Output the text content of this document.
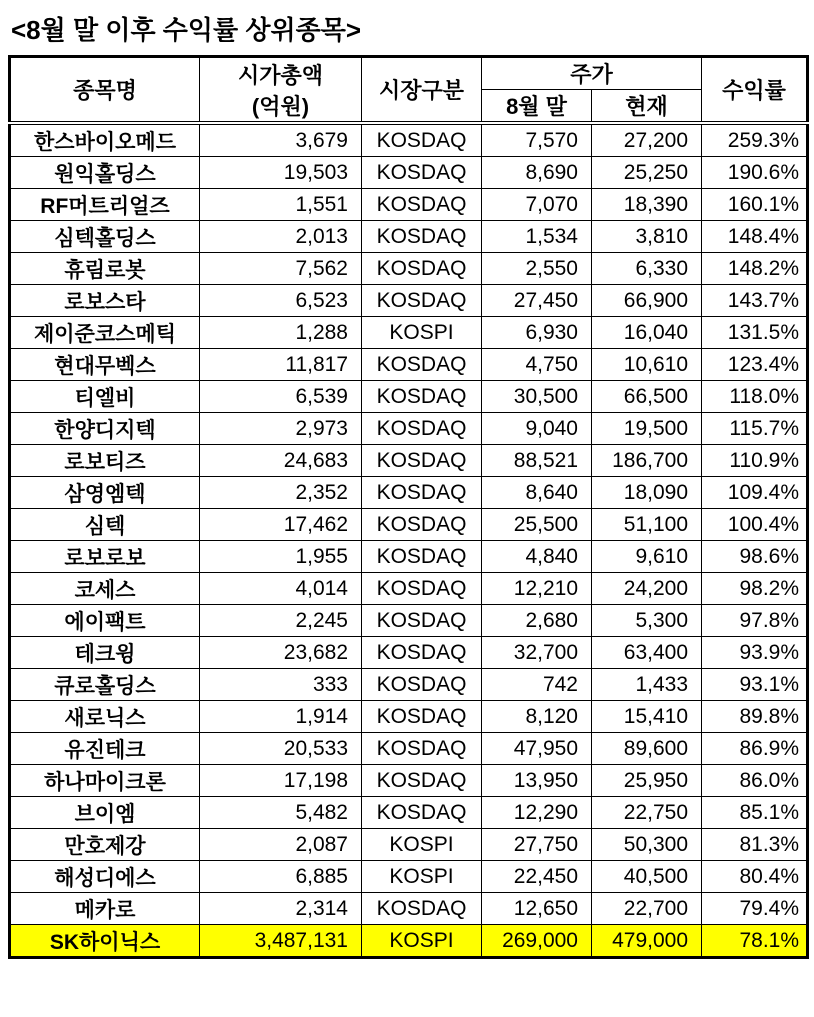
<8월 말 이후 수익률 상위종목>
종목명	시가총액
(억원)	시장구분	주가		수익률
			8월 말	현재	
한스바이오메드	3,679	KOSDAQ	7,570	27,200	259.3%
원익홀딩스	19,503	KOSDAQ	8,690	25,250	190.6%
RF머트리얼즈	1,551	KOSDAQ	7,070	18,390	160.1%
심텍홀딩스	2,013	KOSDAQ	1,534	3,810	148.4%
휴림로봇	7,562	KOSDAQ	2,550	6,330	148.2%
로보스타	6,523	KOSDAQ	27,450	66,900	143.7%
제이준코스메틱	1,288	KOSPI	6,930	16,040	131.5%
현대무벡스	11,817	KOSDAQ	4,750	10,610	123.4%
티엘비	6,539	KOSDAQ	30,500	66,500	118.0%
한양디지텍	2,973	KOSDAQ	9,040	19,500	115.7%
로보티즈	24,683	KOSDAQ	88,521	186,700	110.9%
삼영엠텍	2,352	KOSDAQ	8,640	18,090	109.4%
심텍	17,462	KOSDAQ	25,500	51,100	100.4%
로보로보	1,955	KOSDAQ	4,840	9,610	98.6%
코세스	4,014	KOSDAQ	12,210	24,200	98.2%
에이팩트	2,245	KOSDAQ	2,680	5,300	97.8%
테크윙	23,682	KOSDAQ	32,700	63,400	93.9%
큐로홀딩스	333	KOSDAQ	742	1,433	93.1%
새로닉스	1,914	KOSDAQ	8,120	15,410	89.8%
유진테크	20,533	KOSDAQ	47,950	89,600	86.9%
하나마이크론	17,198	KOSDAQ	13,950	25,950	86.0%
브이엠	5,482	KOSDAQ	12,290	22,750	85.1%
만호제강	2,087	KOSPI	27,750	50,300	81.3%
해성디에스	6,885	KOSPI	22,450	40,500	80.4%
메카로	2,314	KOSDAQ	12,650	22,700	79.4%
SK하이닉스	3,487,131	KOSPI	269,000	479,000	78.1%
